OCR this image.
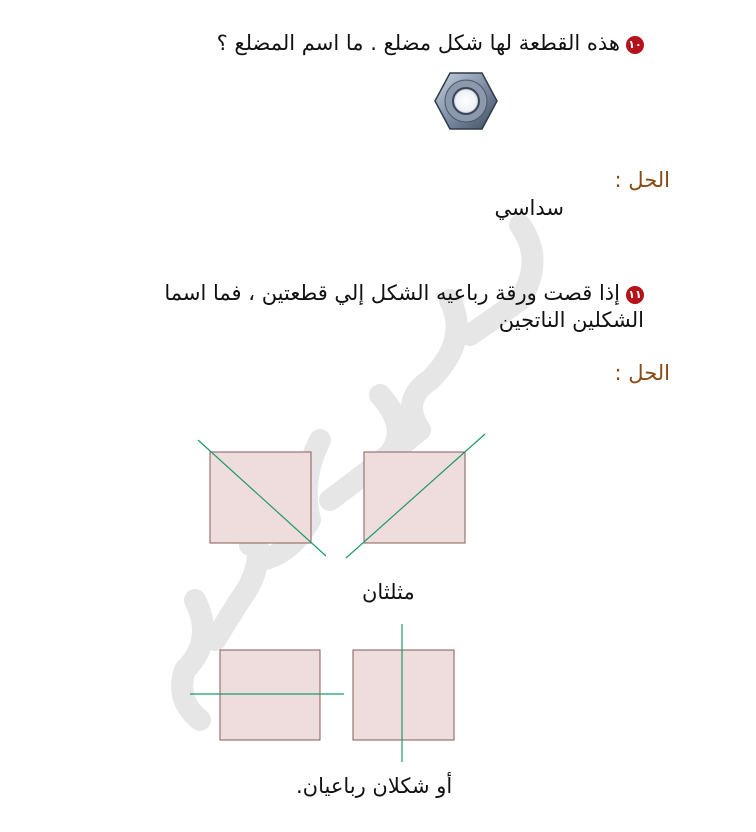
١٠هذه القطعة لها شكل مضلع . ما اسم المضلع ؟
الحل :
سداسي
١١إذا قصت ورقة رباعيه الشكل إلي قطعتين ، فما اسما
الشكلين الناتجين
الحل :
مثلثان
أو شكلان رباعيان.
